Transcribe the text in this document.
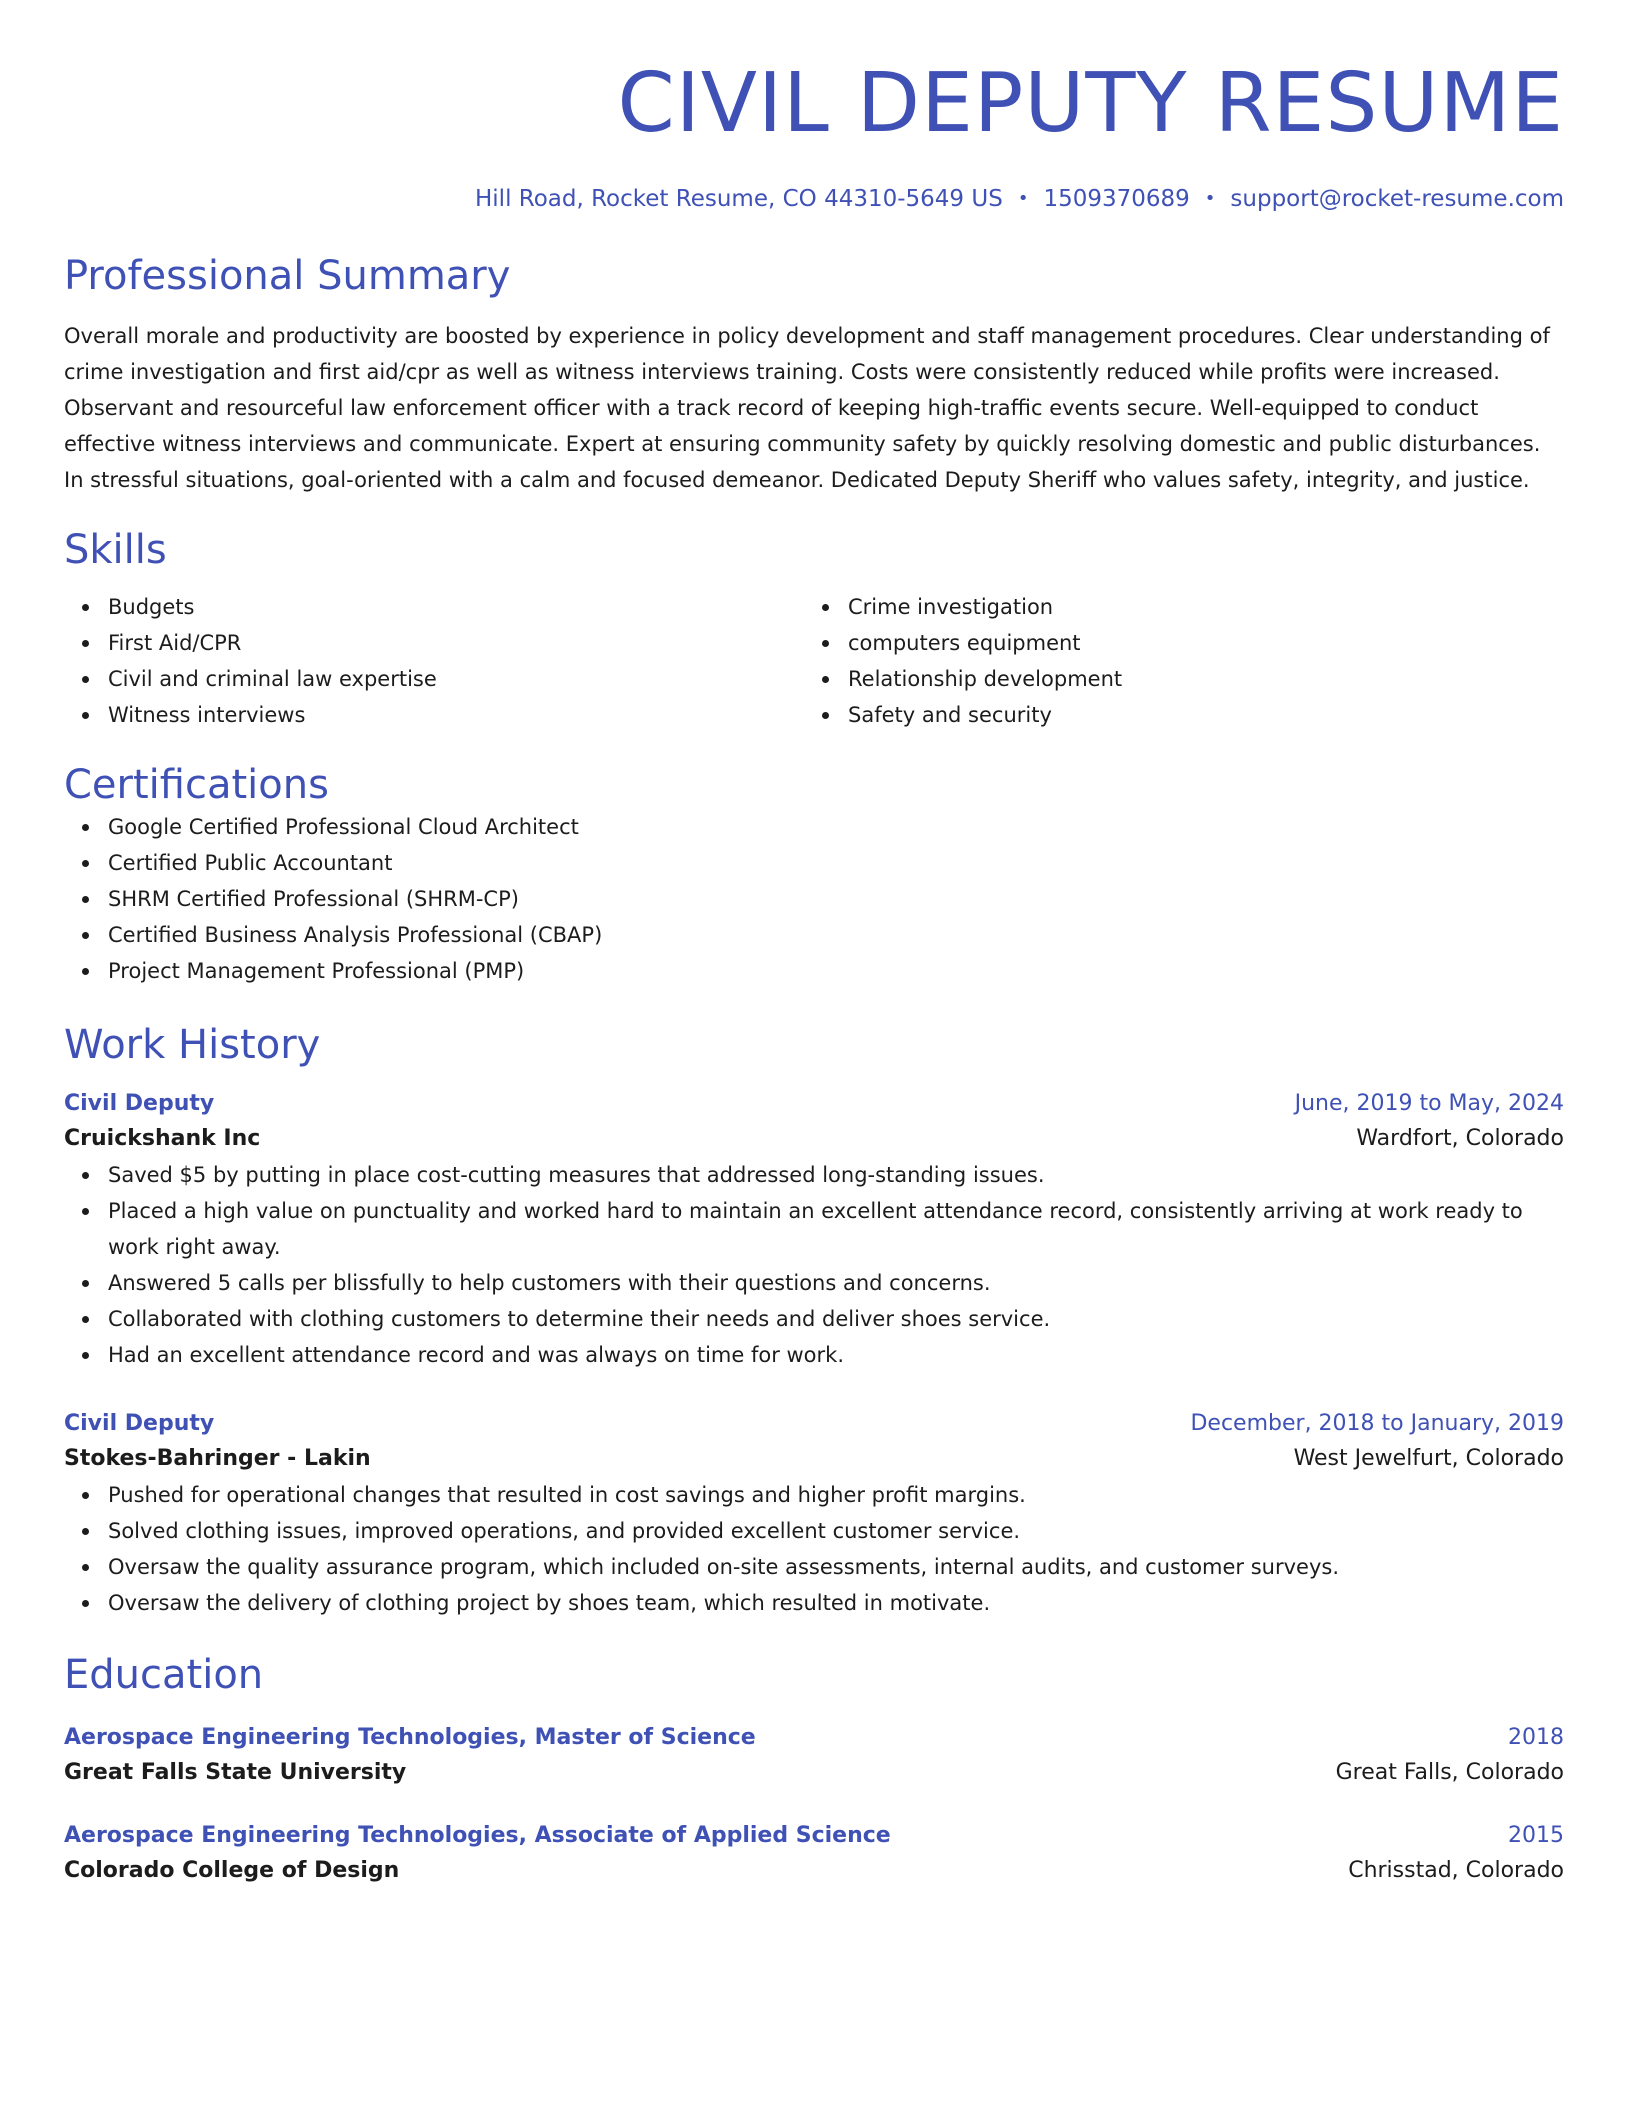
CIVIL DEPUTY RESUME
Hill Road, Rocket Resume, CO 44310-5649 US • 1509370689 • support@rocket-resume.com
Professional Summary
Overall morale and productivity are boosted by experience in policy development and staff management procedures. Clear understanding of crime investigation and first aid/cpr as well as witness interviews training. Costs were consistently reduced while profits were increased. Observant and resourceful law enforcement officer with a track record of keeping high-traffic events secure. Well-equipped to conduct effective witness interviews and communicate. Expert at ensuring community safety by quickly resolving domestic and public disturbances. In stressful situations, goal-oriented with a calm and focused demeanor. Dedicated Deputy Sheriff who values safety, integrity, and justice.
Skills
Budgets
First Aid/CPR
Civil and criminal law expertise
Witness interviews
Crime investigation
computers equipment
Relationship development
Safety and security
Certifications
Google Certified Professional Cloud Architect
Certified Public Accountant
SHRM Certified Professional (SHRM-CP)
Certified Business Analysis Professional (CBAP)
Project Management Professional (PMP)
Work History
Civil Deputy	June, 2019 to May, 2024
Cruickshank Inc	Wardfort, Colorado
Saved $5 by putting in place cost-cutting measures that addressed long-standing issues.
Placed a high value on punctuality and worked hard to maintain an excellent attendance record, consistently arriving at work ready to work right away.
Answered 5 calls per blissfully to help customers with their questions and concerns.
Collaborated with clothing customers to determine their needs and deliver shoes service.
Had an excellent attendance record and was always on time for work.
Civil Deputy	December, 2018 to January, 2019
Stokes-Bahringer - Lakin	West Jewelfurt, Colorado
Pushed for operational changes that resulted in cost savings and higher profit margins.
Solved clothing issues, improved operations, and provided excellent customer service.
Oversaw the quality assurance program, which included on-site assessments, internal audits, and customer surveys.
Oversaw the delivery of clothing project by shoes team, which resulted in motivate.
Education
Aerospace Engineering Technologies, Master of Science	2018
Great Falls State University	Great Falls, Colorado
Aerospace Engineering Technologies, Associate of Applied Science	2015
Colorado College of Design	Chrisstad, Colorado
